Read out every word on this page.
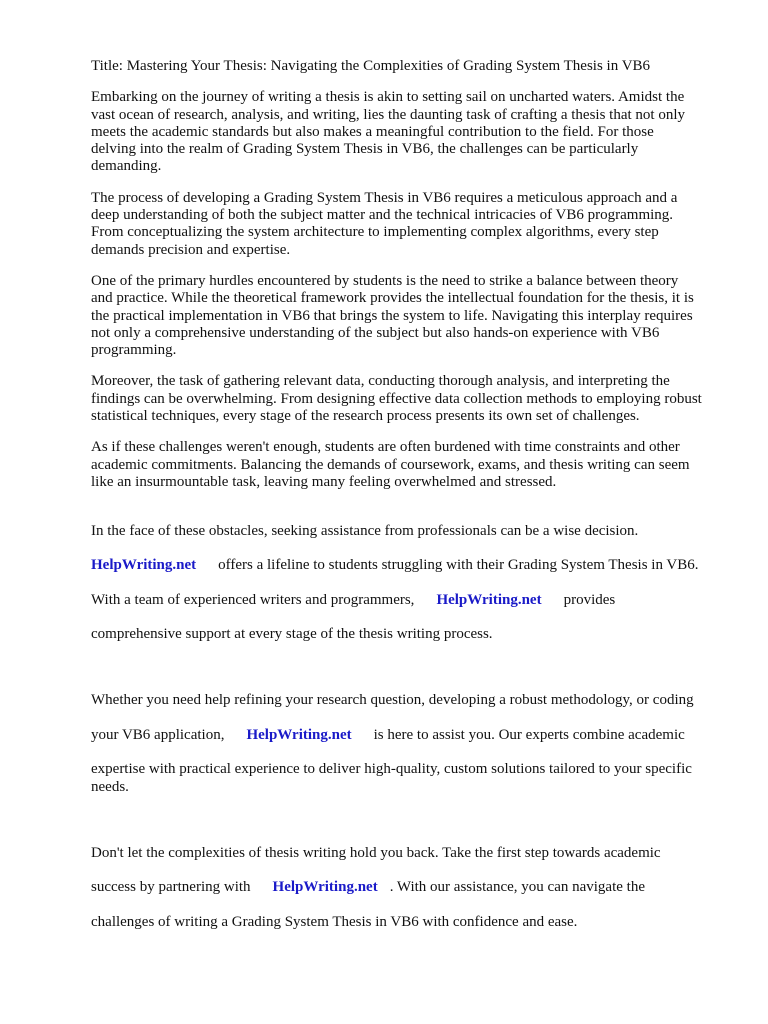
Title: Mastering Your Thesis: Navigating the Complexities of Grading System Thesis in VB6
Embarking on the journey of writing a thesis is akin to setting sail on uncharted waters. Amidst the
vast ocean of research, analysis, and writing, lies the daunting task of crafting a thesis that not only
meets the academic standards but also makes a meaningful contribution to the field. For those
delving into the realm of Grading System Thesis in VB6, the challenges can be particularly
demanding.
The process of developing a Grading System Thesis in VB6 requires a meticulous approach and a
deep understanding of both the subject matter and the technical intricacies of VB6 programming.
From conceptualizing the system architecture to implementing complex algorithms, every step
demands precision and expertise.
One of the primary hurdles encountered by students is the need to strike a balance between theory
and practice. While the theoretical framework provides the intellectual foundation for the thesis, it is
the practical implementation in VB6 that brings the system to life. Navigating this interplay requires
not only a comprehensive understanding of the subject but also hands-on experience with VB6
programming.
Moreover, the task of gathering relevant data, conducting thorough analysis, and interpreting the
findings can be overwhelming. From designing effective data collection methods to employing robust
statistical techniques, every stage of the research process presents its own set of challenges.
As if these challenges weren't enough, students are often burdened with time constraints and other
academic commitments. Balancing the demands of coursework, exams, and thesis writing can seem
like an insurmountable task, leaving many feeling overwhelmed and stressed.

In the face of these obstacles, seeking assistance from professionals can be a wise decision.

HelpWriting.net offers a lifeline to students struggling with their Grading System Thesis in VB6.

With a team of experienced writers and programmers, HelpWriting.net provides

comprehensive support at every stage of the thesis writing process.

Whether you need help refining your research question, developing a robust methodology, or coding

your VB6 application, HelpWriting.net is here to assist you. Our experts combine academic

expertise with practical experience to deliver high-quality, custom solutions tailored to your specific
needs.

Don't let the complexities of thesis writing hold you back. Take the first step towards academic

success by partnering with HelpWriting.net . With our assistance, you can navigate the

challenges of writing a Grading System Thesis in VB6 with confidence and ease.
